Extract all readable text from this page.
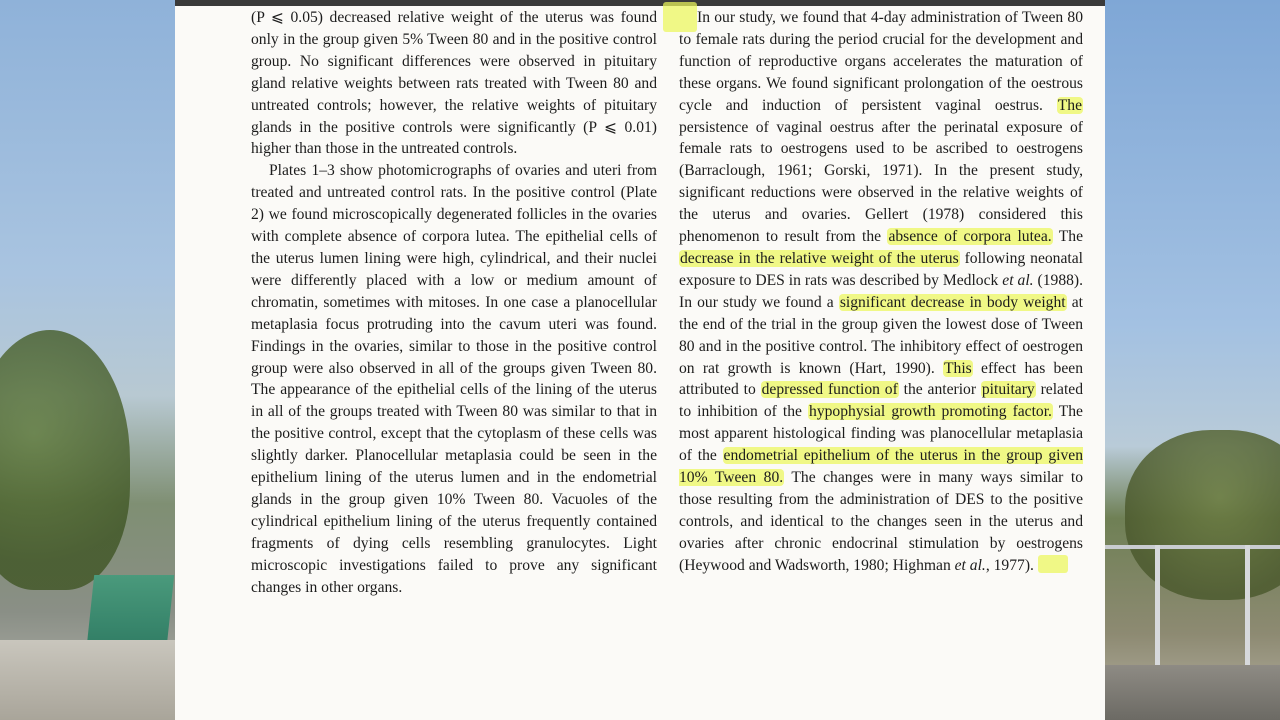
(P ⩽ 0.05) decreased relative weight of the uterus was found only in the group given 5% Tween 80 and in the positive control group. No significant differences were observed in pituitary gland relative weights between rats treated with Tween 80 and untreated controls; however, the relative weights of pituitary glands in the positive controls were significantly (P ⩽ 0.01) higher than those in the untreated controls.

Plates 1–3 show photomicrographs of ovaries and uteri from treated and untreated control rats. In the positive control (Plate 2) we found microscopically degenerated follicles in the ovaries with complete absence of corpora lutea. The epithelial cells of the uterus lumen lining were high, cylindrical, and their nuclei were differently placed with a low or medium amount of chromatin, sometimes with mitoses. In one case a planocellular metaplasia focus protruding into the cavum uteri was found. Findings in the ovaries, similar to those in the positive control group were also observed in all of the groups given Tween 80. The appearance of the epithelial cells of the lining of the uterus in all of the groups treated with Tween 80 was similar to that in the positive control, except that the cytoplasm of these cells was slightly darker. Planocellular metaplasia could be seen in the epithelium lining of the uterus lumen and in the endometrial glands in the group given 10% Tween 80. Vacuoles of the cylindrical epithelium lining of the uterus frequently contained fragments of dying cells resembling granulocytes. Light microscopic investigations failed to prove any significant changes in other organs.

In our study, we found that 4-day administration of Tween 80 to female rats during the period crucial for the development and function of reproductive organs accelerates the maturation of these organs. We found significant prolongation of the oestrous cycle and induction of persistent vaginal oestrus. The persistence of vaginal oestrus after the perinatal exposure of female rats to oestrogens used to be ascribed to oestrogens (Barraclough, 1961; Gorski, 1971). In the present study, significant reductions were observed in the relative weights of the uterus and ovaries. Gellert (1978) considered this phenomenon to result from the absence of corpora lutea. The decrease in the relative weight of the uterus following neonatal exposure to DES in rats was described by Medlock et al. (1988). In our study we found a significant decrease in body weight at the end of the trial in the group given the lowest dose of Tween 80 and in the positive control. The inhibitory effect of oestrogen on rat growth is known (Hart, 1990). This effect has been attributed to depressed function of the anterior pituitary related to inhibition of the hypophysial growth promoting factor. The most apparent histological finding was planocellular metaplasia of the endometrial epithelium of the uterus in the group given 10% Tween 80. The changes were in many ways similar to those resulting from the administration of DES to the positive controls, and identical to the changes seen in the uterus and ovaries after chronic endocrinal stimulation by oestrogens (Heywood and Wadsworth, 1980; Highman et al., 1977).
